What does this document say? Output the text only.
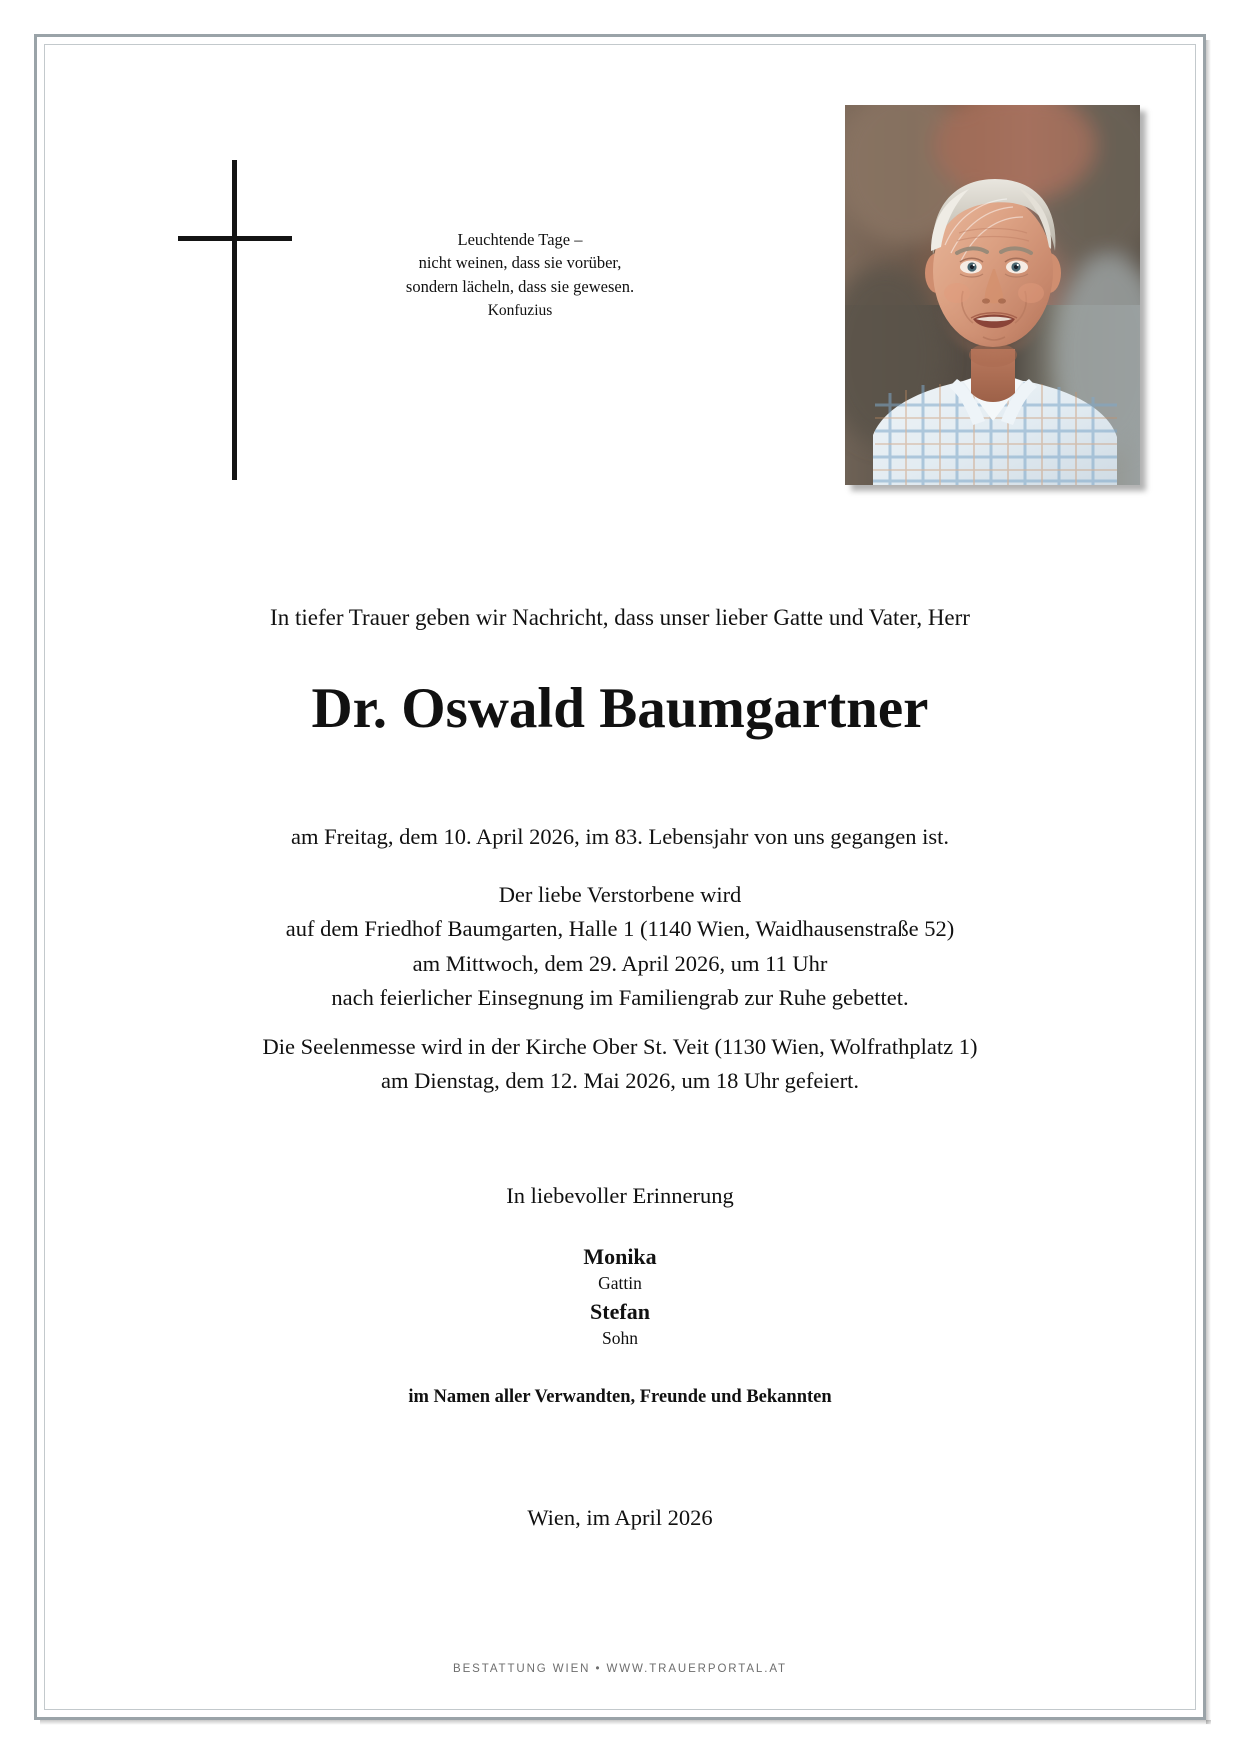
Leuchtende Tage –
nicht weinen, dass sie vorüber,
sondern lächeln, dass sie gewesen.
Konfuzius
In tiefer Trauer geben wir Nachricht, dass unser lieber Gatte und Vater, Herr
Dr. Oswald Baumgartner
am Freitag, dem 10. April 2026, im 83. Lebensjahr von uns gegangen ist.
Der liebe Verstorbene wird
auf dem Friedhof Baumgarten, Halle 1 (1140 Wien, Waidhausenstraße 52)
am Mittwoch, dem 29. April 2026, um 11 Uhr
nach feierlicher Einsegnung im Familiengrab zur Ruhe gebettet.
Die Seelenmesse wird in der Kirche Ober St. Veit (1130 Wien, Wolfrathplatz 1)
am Dienstag, dem 12. Mai 2026, um 18 Uhr gefeiert.
In liebevoller Erinnerung
Monika
Gattin
Stefan
Sohn
im Namen aller Verwandten, Freunde und Bekannten
Wien, im April 2026
BESTATTUNG WIEN • WWW.TRAUERPORTAL.AT
